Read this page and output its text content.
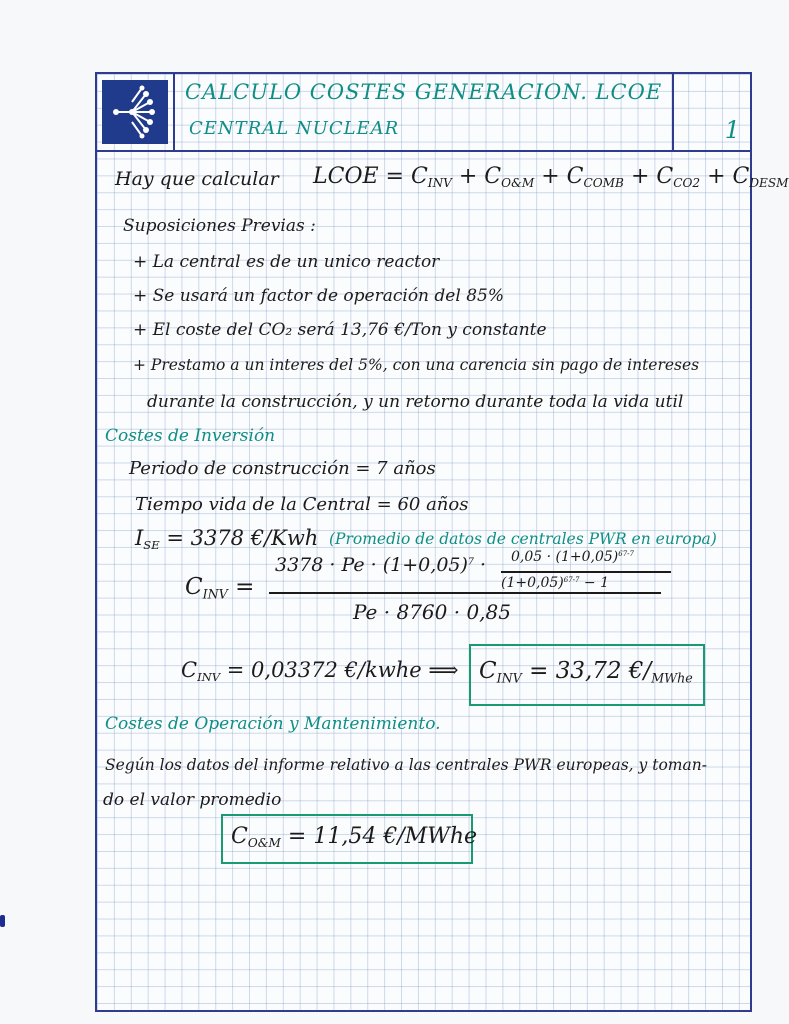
CALCULO COSTES GENERACION. LCOE
CENTRAL NUCLEAR	1
Hay que calcular LCOE = $C_{INV} + C_{O\&M} + C_{COMB} + C_{CO2} + C_{DESM}$
Suposiciones Previas :
+ La central es de un unico reactor
+ Se usará un factor de operación del 85%
+ El coste del CO₂ será 13,76 €/Ton y constante
+ Prestamo a un interes del 5%, con una carencia sin pago de intereses
durante la construcción, y un retorno durante toda la vida util
Costes de Inversión
Periodo de construcción = 7 años
Tiempo vida de la Central = 60 años
$I_{SE} = 3378$ €/Kwh (Promedio de datos de centrales PWR en europa)
$C_{INV}$ =
$3378 \cdot Pe \cdot (1+0,05)^7 \cdot 0,05 \cdot (1+0,05)^{67-7}$
$(1+0,05)^{67-7} - 1$
Pe · 8760 · 0,85
$C_{INV} = 0,03372$ €/kwhe ⟹ $C_{INV} = 33,72$ $€/_{MWhe}$
Costes de Operación y Mantenimiento.
Según los datos del informe relativo a las centrales PWR europeas, y toman-
do el valor promedio
$C_{O\&M} = 11,54$ €/MWhe
